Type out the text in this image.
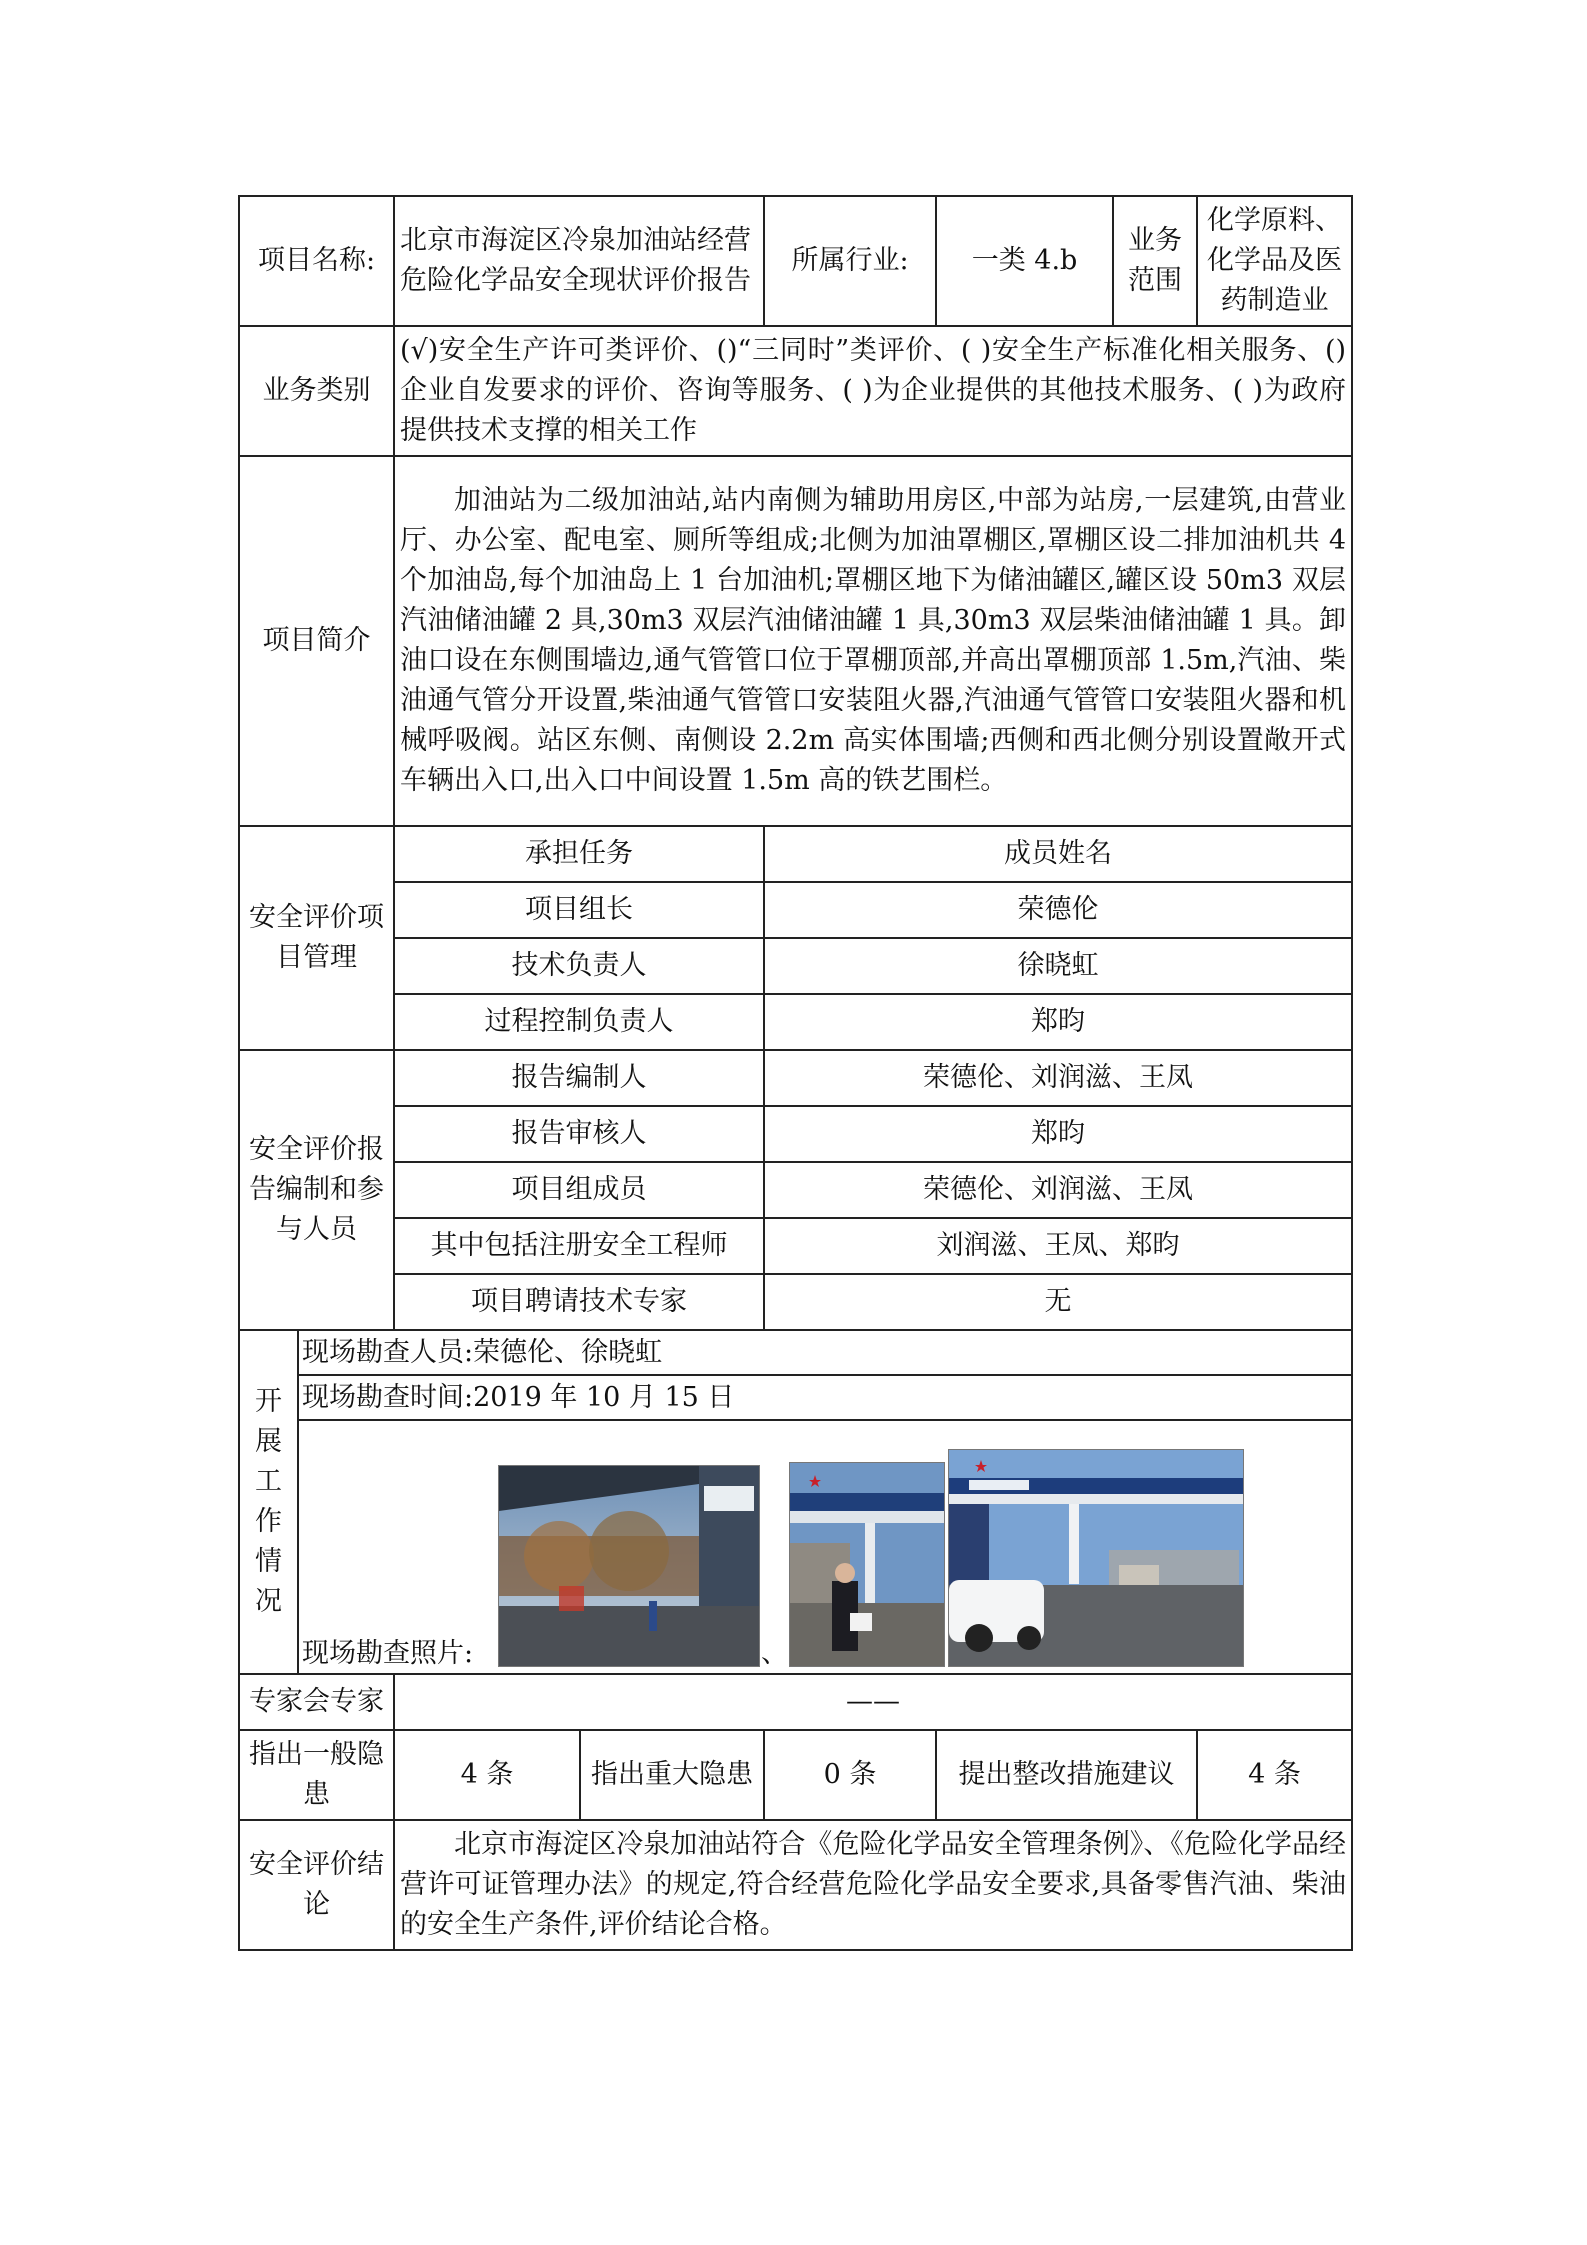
项目名称:		北京市海淀区冷泉加油站经营危险化学品安全现状评价报告		所属行业:	一类 4.b	业务范围	化学原料、化学品及医药制造业
业务类别		(√)安全生产许可类评价、()“三同时”类评价、( )安全生产标准化相关服务、()企业自发要求的评价、咨询等服务、( )为企业提供的其他技术服务、( )为政府提供技术支撑的相关工作					
项目简介		加油站为二级加油站,站内南侧为辅助用房区,中部为站房,一层建筑,由营业厅、办公室、配电室、厕所等组成;北侧为加油罩棚区,罩棚区设二排加油机共 4 个加油岛,每个加油岛上 1 台加油机;罩棚区地下为储油罐区,罐区设 50m3 双层汽油储油罐 2 具,30m3 双层汽油储油罐 1 具,30m3 双层柴油储油罐 1 具。卸油口设在东侧围墙边,通气管管口位于罩棚顶部,并高出罩棚顶部 1.5m,汽油、柴油通气管分开设置,柴油通气管管口安装阻火器,汽油通气管管口安装阻火器和机械呼吸阀。站区东侧、南侧设 2.2m 高实体围墙;西侧和西北侧分别设置敞开式车辆出入口,出入口中间设置 1.5m 高的铁艺围栏。					
安全评价项目管理		承担任务		成员姓名			
		项目组长		荣德伦			
		技术负责人		徐晓虹			
		过程控制负责人		郑昀			
安全评价报告编制和参与人员		报告编制人		荣德伦、刘润滋、王凤			
		报告审核人		郑昀			
		项目组成员		荣德伦、刘润滋、王凤			
		其中包括注册安全工程师		刘润滋、王凤、郑昀			
		项目聘请技术专家		无			
开展工作情况	现场勘查人员:荣德伦、徐晓虹						
	现场勘查时间:2019 年 10 月 15 日						

	现场勘查照片: 、						

专家会专家		——					
指出一般隐患		4 条	指出重大隐患	0 条	提出整改措施建议		4 条
安全评价结论		北京市海淀区冷泉加油站符合《危险化学品安全管理条例》、《危险化学品经营许可证管理办法》的规定,符合经营危险化学品安全要求,具备零售汽油、柴油的安全生产条件,评价结论合格。					
